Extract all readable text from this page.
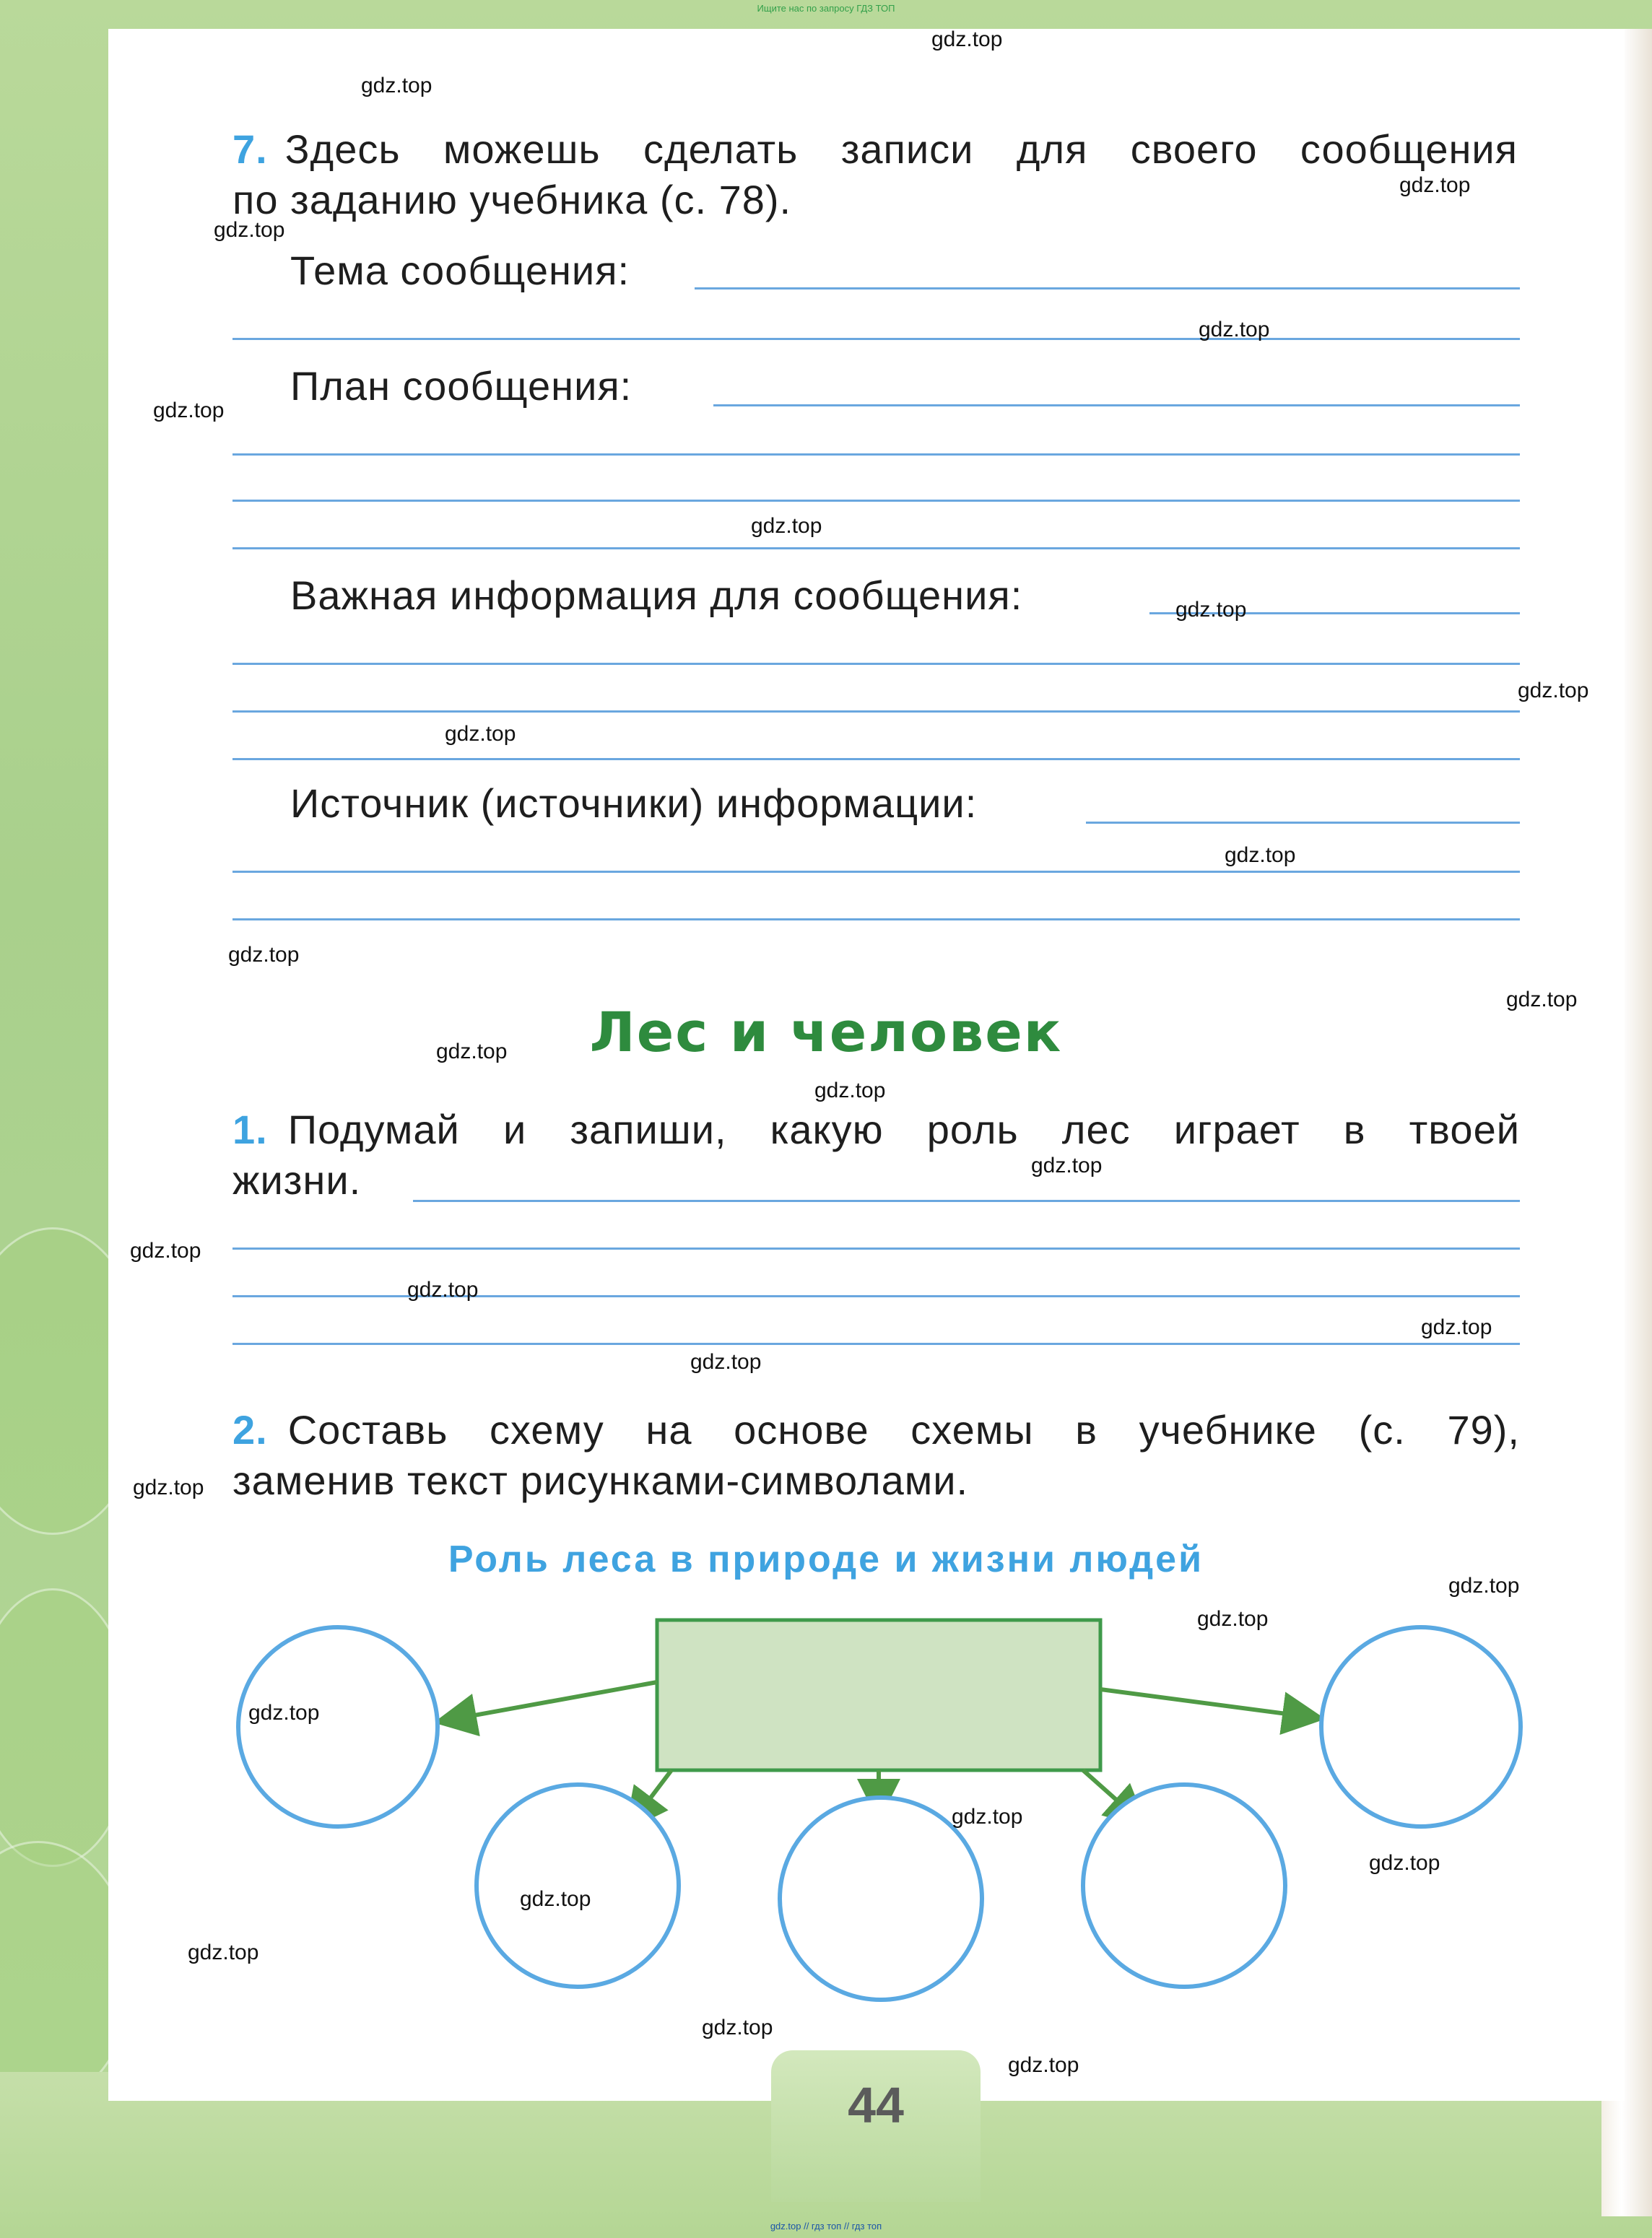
Ищите нас по запросу ГДЗ ТОП
7. Здесь можешь сделать записи для своего сообщения
по заданию учебника (с. 78).
Тема сообщения:
План сообщения:
Важная информация для сообщения:
Источник (источники) информации:
Лес и человек
1. Подумай и запиши, какую роль лес играет в твоей
жизни.
2. Составь схему на основе схемы в учебнике (с. 79),
заменив текст рисунками-символами.
Роль леса в природе и жизни людей
44
gdz.top
gdz.top
gdz.top
gdz.top
gdz.top
gdz.top
gdz.top
gdz.top
gdz.top
gdz.top
gdz.top
gdz.top
gdz.top
gdz.top
gdz.top
gdz.top
gdz.top
gdz.top
gdz.top
gdz.top
gdz.top
gdz.top
gdz.top
gdz.top
gdz.top
gdz.top
gdz.top
gdz.top
gdz.top
gdz.top
gdz.top // гдз топ // гдз топ
